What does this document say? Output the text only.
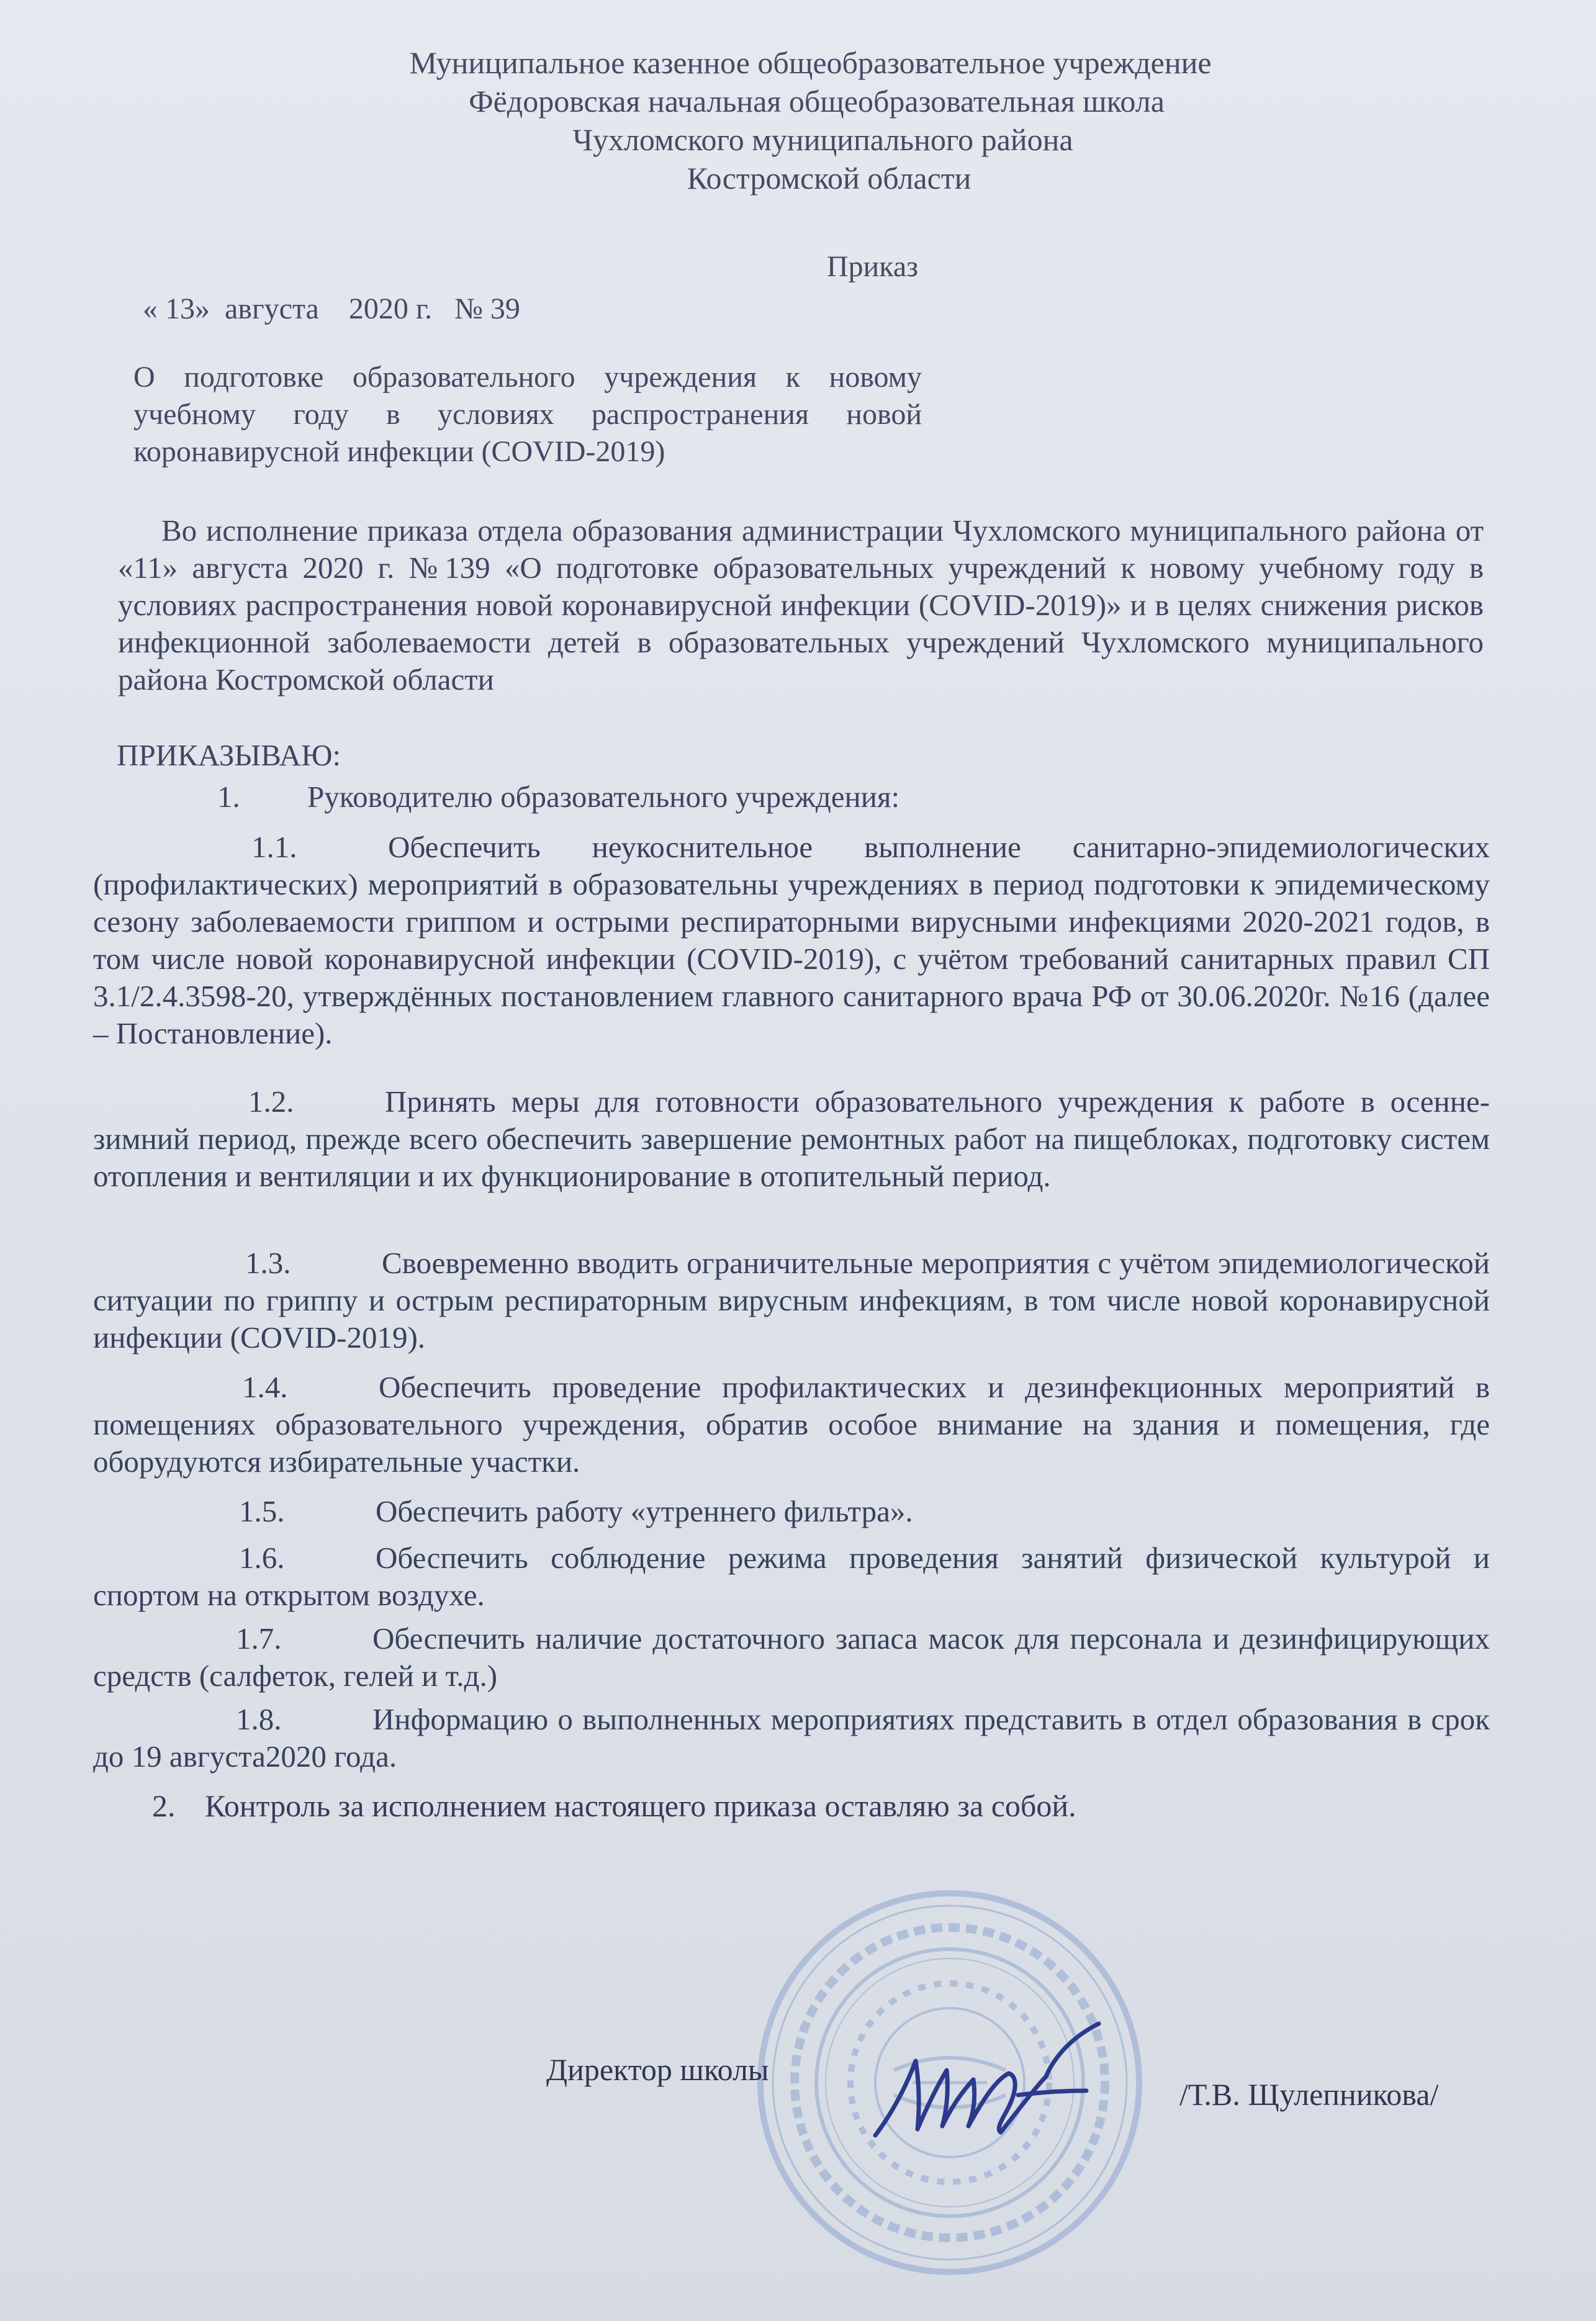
Муниципальное казенное общеобразовательное учреждение
Фёдоровская начальная общеобразовательная школа
Чухломского муниципального района
Костромской области
Приказ
« 13»  августа    2020 г.   № 39
О подготовке образовательного учреждения к новому учебному году в условиях распространения новой коронавирусной инфекции (COVID-2019)
Во исполнение приказа отдела образования администрации Чухломского муниципального района от «11» августа 2020 г. №139 «О подготовке образовательных учреждений к новому учебному году в условиях распространения новой коронавирусной инфекции (COVID-2019)» и в целях снижения рисков инфекционной заболеваемости детей в образовательных учреждений Чухломского муниципального района Костромской области
ПРИКАЗЫВАЮ:
1. Руководителю образовательного учреждения:
1.1.	Обеспечить неукоснительное выполнение санитарно-эпидемиологических (профилактических) мероприятий в образовательны учреждениях в период подготовки к эпидемическому сезону заболеваемости гриппом и острыми респираторными вирусными инфекциями 2020-2021 годов, в том числе новой коронавирусной инфекции (COVID-2019), с учётом требований санитарных правил СП 3.1/2.4.3598-20, утверждённых постановлением главного санитарного врача РФ от 30.06.2020г. №16 (далее – Постановление).
1.2.	Принять меры для готовности образовательного учреждения к работе в осенне-зимний период, прежде всего обеспечить завершение ремонтных работ на пищеблоках, подготовку систем отопления и вентиляции и их функционирование в отопительный период.
1.3.	Своевременно вводить ограничительные мероприятия с учётом эпидемиологической ситуации по гриппу и острым респираторным вирусным инфекциям, в том числе новой коронавирусной инфекции (COVID-2019).
1.4.	Обеспечить проведение профилактических и дезинфекционных мероприятий в помещениях образовательного учреждения, обратив особое внимание на здания и помещения, где оборудуются избирательные участки.
1.5.	Обеспечить работу «утреннего фильтра».
1.6.	Обеспечить соблюдение режима проведения занятий физической культурой и спортом на открытом воздухе.
1.7.	Обеспечить наличие достаточного запаса масок для персонала и дезинфицирующих средств (салфеток, гелей и т.д.)
1.8.	Информацию о выполненных мероприятиях представить в отдел образования в срок до 19 августа2020 года.
2. Контроль за исполнением настоящего приказа оставляю за собой.
Директор школы
/Т.В. Щулепникова/
